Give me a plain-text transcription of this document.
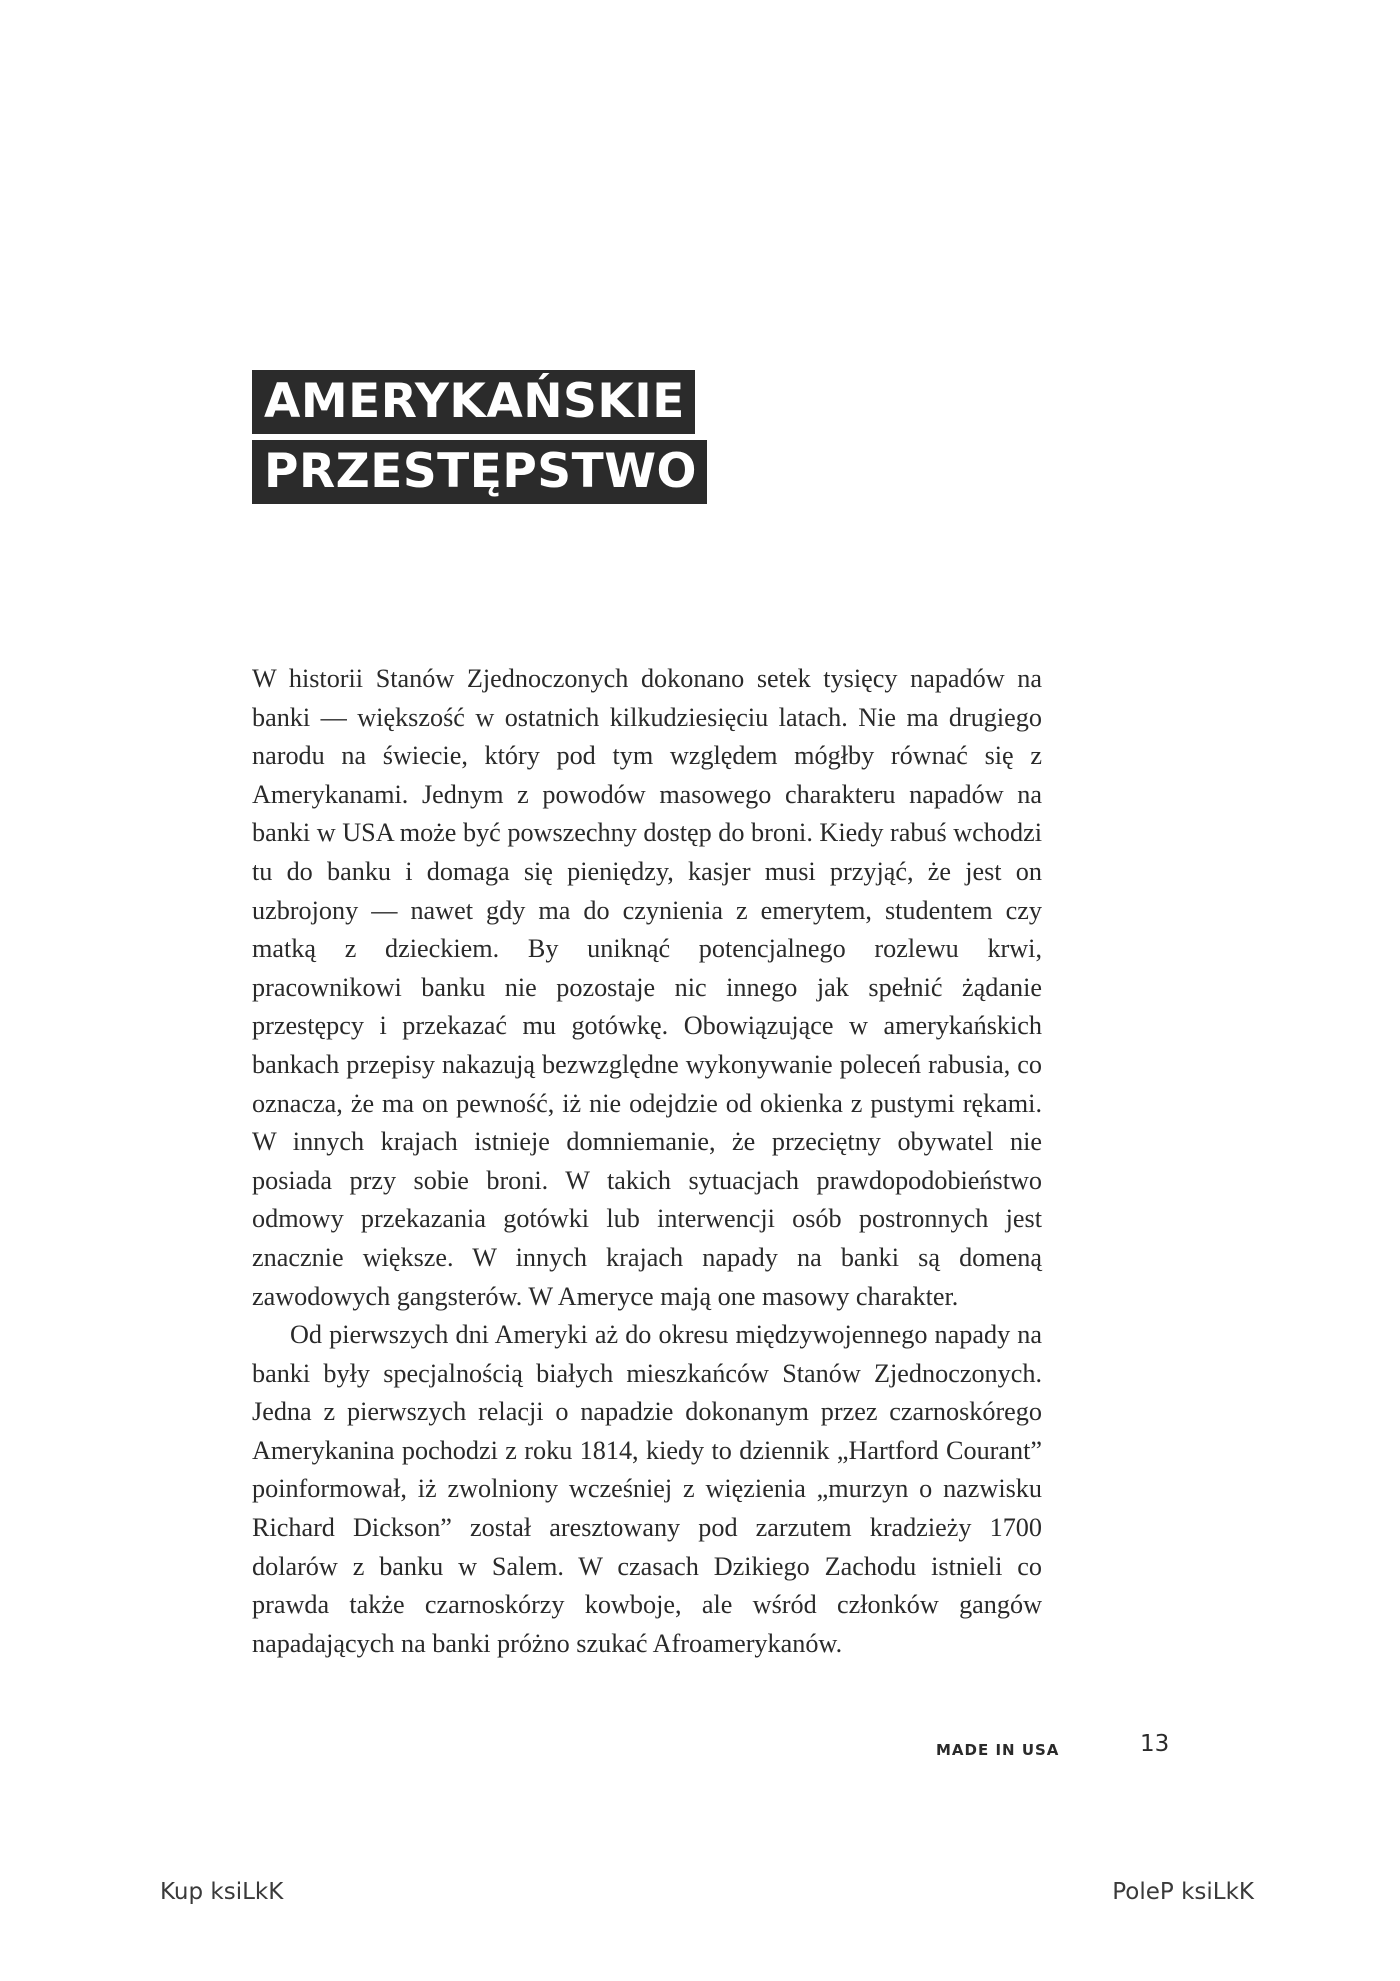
AMERYKAŃSKIE
PRZESTĘPSTWO

W historii Stanów Zjednoczonych dokonano setek tysięcy napadów na banki — większość w ostatnich kilkudziesięciu latach. Nie ma drugiego narodu na świecie, który pod tym względem mógłby równać się z Amerykanami. Jednym z powodów masowego charakteru napadów na banki w USA może być powszechny dostęp do broni. Kiedy rabuś wchodzi tu do banku i domaga się pieniędzy, kasjer musi przyjąć, że jest on uzbrojony — nawet gdy ma do czynienia z emerytem, studentem czy matką z dzieckiem. By uniknąć potencjalnego rozlewu krwi, pracownikowi banku nie pozostaje nic innego jak spełnić żądanie przestępcy i przekazać mu gotówkę. Obowiązujące w amerykańskich bankach przepisy nakazują bezwzględne wykonywanie poleceń rabusia, co oznacza, że ma on pewność, iż nie odejdzie od okienka z pustymi rękami. W innych krajach istnieje domniemanie, że przeciętny obywatel nie posiada przy sobie broni. W takich sytuacjach prawdopodobieństwo odmowy przekazania gotówki lub interwencji osób postronnych jest znacznie większe. W innych krajach napady na banki są domeną zawodowych gangsterów. W Ameryce mają one masowy charakter.

Od pierwszych dni Ameryki aż do okresu międzywojennego napady na banki były specjalnością białych mieszkańców Stanów Zjednoczonych. Jedna z pierwszych relacji o napadzie dokonanym przez czarnoskórego Amerykanina pochodzi z roku 1814, kiedy to dziennik „Hartford Courant” poinformował, iż zwolniony wcześniej z więzienia „murzyn o nazwisku Richard Dickson” został aresztowany pod zarzutem kradzieży 1700 dolarów z banku w Salem. W czasach Dzikiego Zachodu istnieli co prawda także czarnoskórzy kowboje, ale wśród członków gangów napadających na banki próżno szukać Afroamerykanów.

MADE IN USA	13
Kup ksiLkK	PoleP ksiLkK
